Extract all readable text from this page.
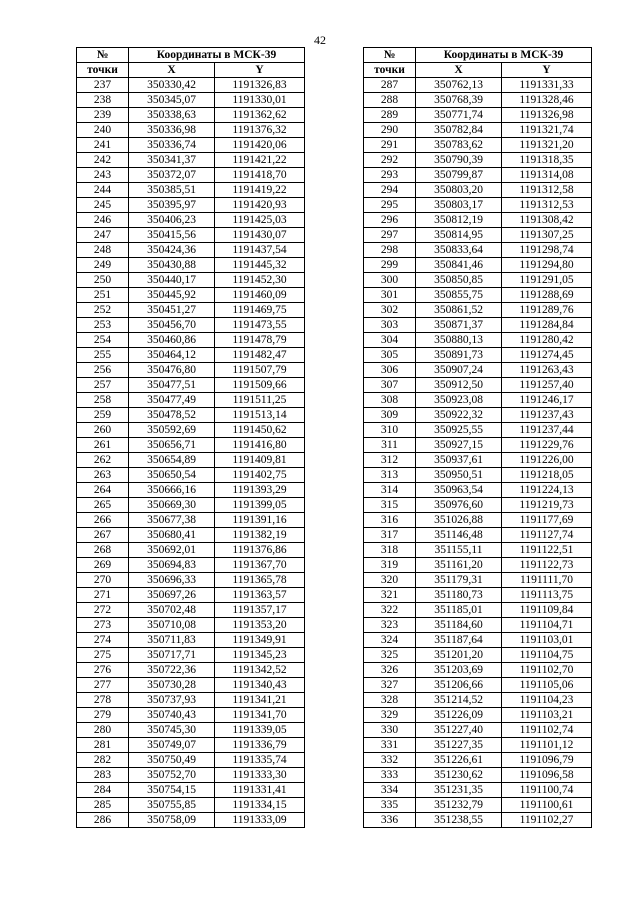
42
№	Координаты в МСК-39	
точки	X	Y
237	350330,42	1191326,83
238	350345,07	1191330,01
239	350338,63	1191362,62
240	350336,98	1191376,32
241	350336,74	1191420,06
242	350341,37	1191421,22
243	350372,07	1191418,70
244	350385,51	1191419,22
245	350395,97	1191420,93
246	350406,23	1191425,03
247	350415,56	1191430,07
248	350424,36	1191437,54
249	350430,88	1191445,32
250	350440,17	1191452,30
251	350445,92	1191460,09
252	350451,27	1191469,75
253	350456,70	1191473,55
254	350460,86	1191478,79
255	350464,12	1191482,47
256	350476,80	1191507,79
257	350477,51	1191509,66
258	350477,49	1191511,25
259	350478,52	1191513,14
260	350592,69	1191450,62
261	350656,71	1191416,80
262	350654,89	1191409,81
263	350650,54	1191402,75
264	350666,16	1191393,29
265	350669,30	1191399,05
266	350677,38	1191391,16
267	350680,41	1191382,19
268	350692,01	1191376,86
269	350694,83	1191367,70
270	350696,33	1191365,78
271	350697,26	1191363,57
272	350702,48	1191357,17
273	350710,08	1191353,20
274	350711,83	1191349,91
275	350717,71	1191345,23
276	350722,36	1191342,52
277	350730,28	1191340,43
278	350737,93	1191341,21
279	350740,43	1191341,70
280	350745,30	1191339,05
281	350749,07	1191336,79
282	350750,49	1191335,74
283	350752,70	1191333,30
284	350754,15	1191331,41
285	350755,85	1191334,15
286	350758,09	1191333,09
№	Координаты в МСК-39	
точки	X	Y
287	350762,13	1191331,33
288	350768,39	1191328,46
289	350771,74	1191326,98
290	350782,84	1191321,74
291	350783,62	1191321,20
292	350790,39	1191318,35
293	350799,87	1191314,08
294	350803,20	1191312,58
295	350803,17	1191312,53
296	350812,19	1191308,42
297	350814,95	1191307,25
298	350833,64	1191298,74
299	350841,46	1191294,80
300	350850,85	1191291,05
301	350855,75	1191288,69
302	350861,52	1191289,76
303	350871,37	1191284,84
304	350880,13	1191280,42
305	350891,73	1191274,45
306	350907,24	1191263,43
307	350912,50	1191257,40
308	350923,08	1191246,17
309	350922,32	1191237,43
310	350925,55	1191237,44
311	350927,15	1191229,76
312	350937,61	1191226,00
313	350950,51	1191218,05
314	350963,54	1191224,13
315	350976,60	1191219,73
316	351026,88	1191177,69
317	351146,48	1191127,74
318	351155,11	1191122,51
319	351161,20	1191122,73
320	351179,31	1191111,70
321	351180,73	1191113,75
322	351185,01	1191109,84
323	351184,60	1191104,71
324	351187,64	1191103,01
325	351201,20	1191104,75
326	351203,69	1191102,70
327	351206,66	1191105,06
328	351214,52	1191104,23
329	351226,09	1191103,21
330	351227,40	1191102,74
331	351227,35	1191101,12
332	351226,61	1191096,79
333	351230,62	1191096,58
334	351231,35	1191100,74
335	351232,79	1191100,61
336	351238,55	1191102,27
